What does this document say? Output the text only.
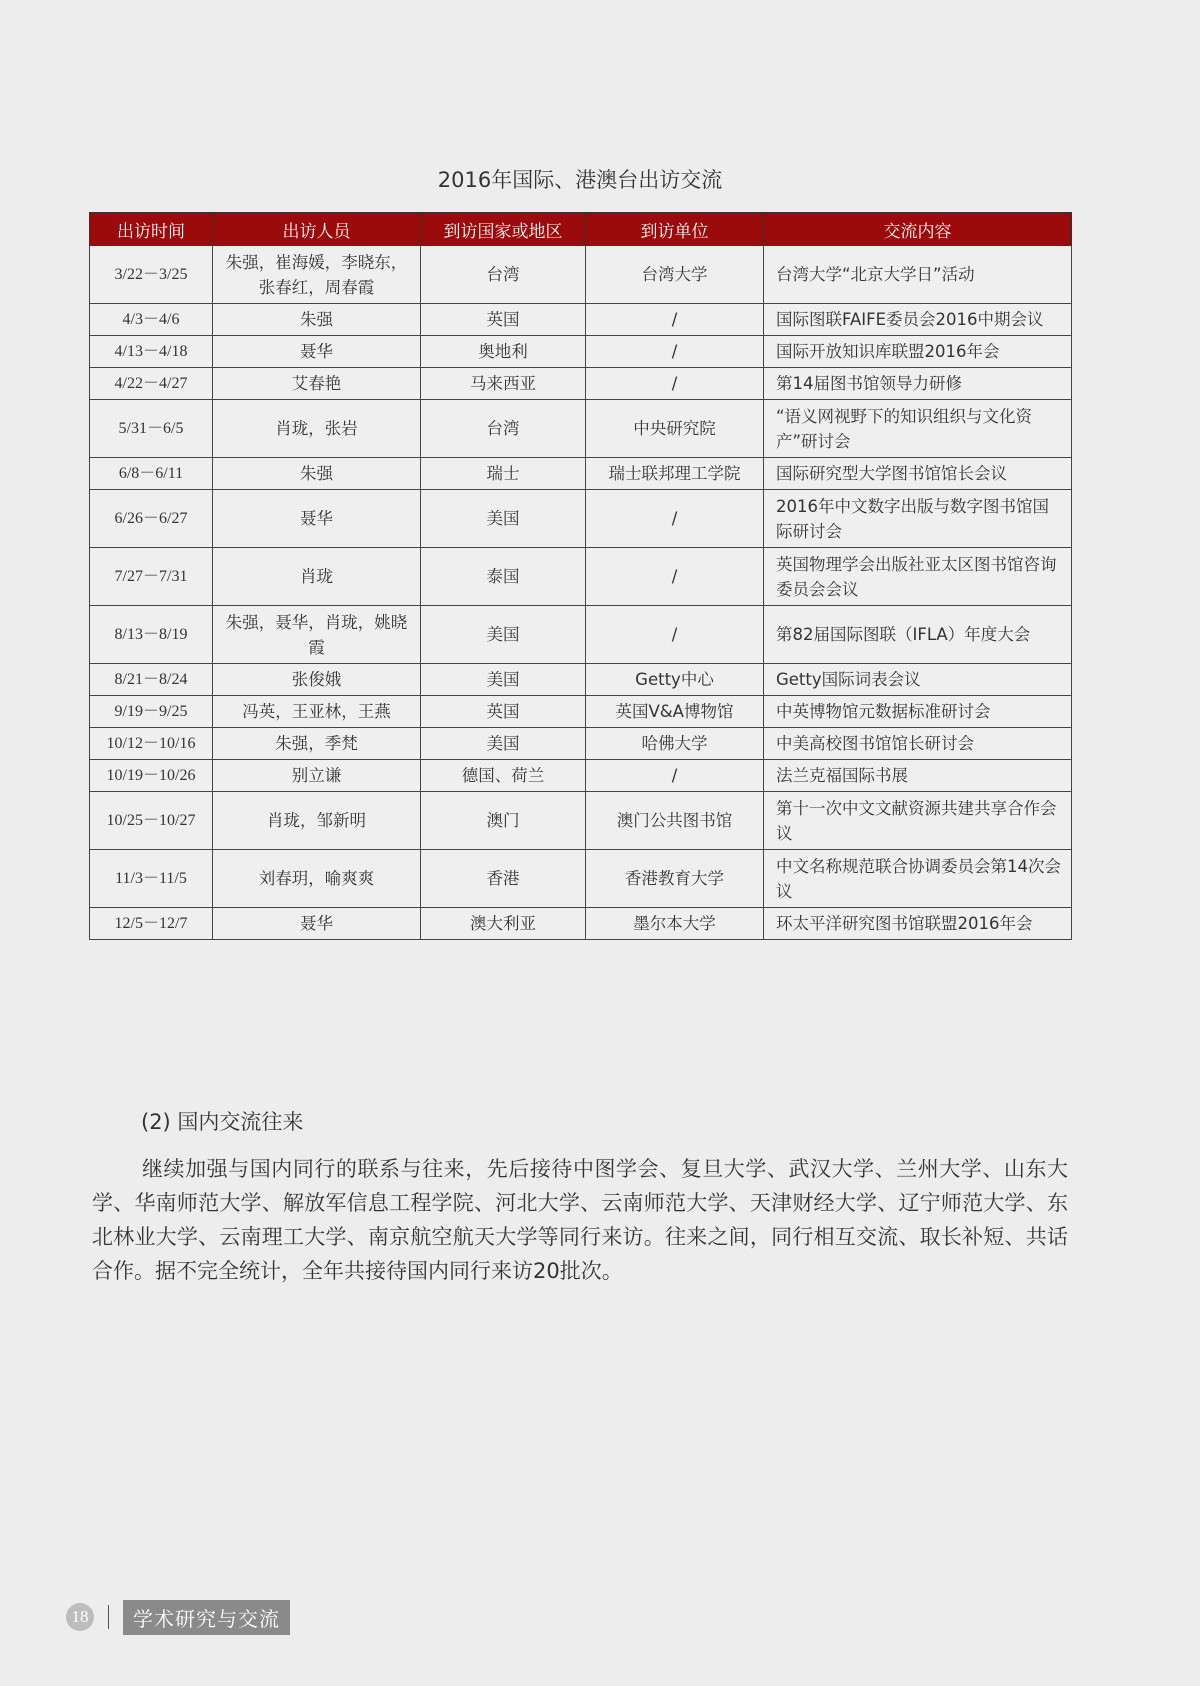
2016年国际、港澳台出访交流
出访时间	出访人员	到访国家或地区	到访单位	交流内容
3/22－3/25	朱强，崔海媛，李晓东，张春红，周春霞	台湾	台湾大学	台湾大学“北京大学日”活动
4/3－4/6	朱强	英国	/	国际图联FAIFE委员会2016中期会议
4/13－4/18	聂华	奥地利	/	国际开放知识库联盟2016年会
4/22－4/27	艾春艳	马来西亚	/	第14届图书馆领导力研修
5/31－6/5	肖珑，张岩	台湾	中央研究院	“语义网视野下的知识组织与文化资产”研讨会
6/8－6/11	朱强	瑞士	瑞士联邦理工学院	国际研究型大学图书馆馆长会议
6/26－6/27	聂华	美国	/	2016年中文数字出版与数字图书馆国际研讨会
7/27－7/31	肖珑	泰国	/	英国物理学会出版社亚太区图书馆咨询委员会会议
8/13－8/19	朱强，聂华，肖珑，姚晓霞	美国	/	第82届国际图联（IFLA）年度大会
8/21－8/24	张俊娥	美国	Getty中心	Getty国际词表会议
9/19－9/25	冯英，王亚林，王燕	英国	英国V&A博物馆	中英博物馆元数据标准研讨会
10/12－10/16	朱强，季梵	美国	哈佛大学	中美高校图书馆馆长研讨会
10/19－10/26	别立谦	德国、荷兰	/	法兰克福国际书展
10/25－10/27	肖珑，邹新明	澳门	澳门公共图书馆	第十一次中文文献资源共建共享合作会议
11/3－11/5	刘春玥，喻爽爽	香港	香港教育大学	中文名称规范联合协调委员会第14次会议
12/5－12/7	聂华	澳大利亚	墨尔本大学	环太平洋研究图书馆联盟2016年会
(2) 国内交流往来
继续加强与国内同行的联系与往来，先后接待中图学会、复旦大学、武汉大学、兰州大学、山东大学、华南师范大学、解放军信息工程学院、河北大学、云南师范大学、天津财经大学、辽宁师范大学、东北林业大学、云南理工大学、南京航空航天大学等同行来访。往来之间，同行相互交流、取长补短、共话合作。据不完全统计，全年共接待国内同行来访20批次。
18	学术研究与交流
